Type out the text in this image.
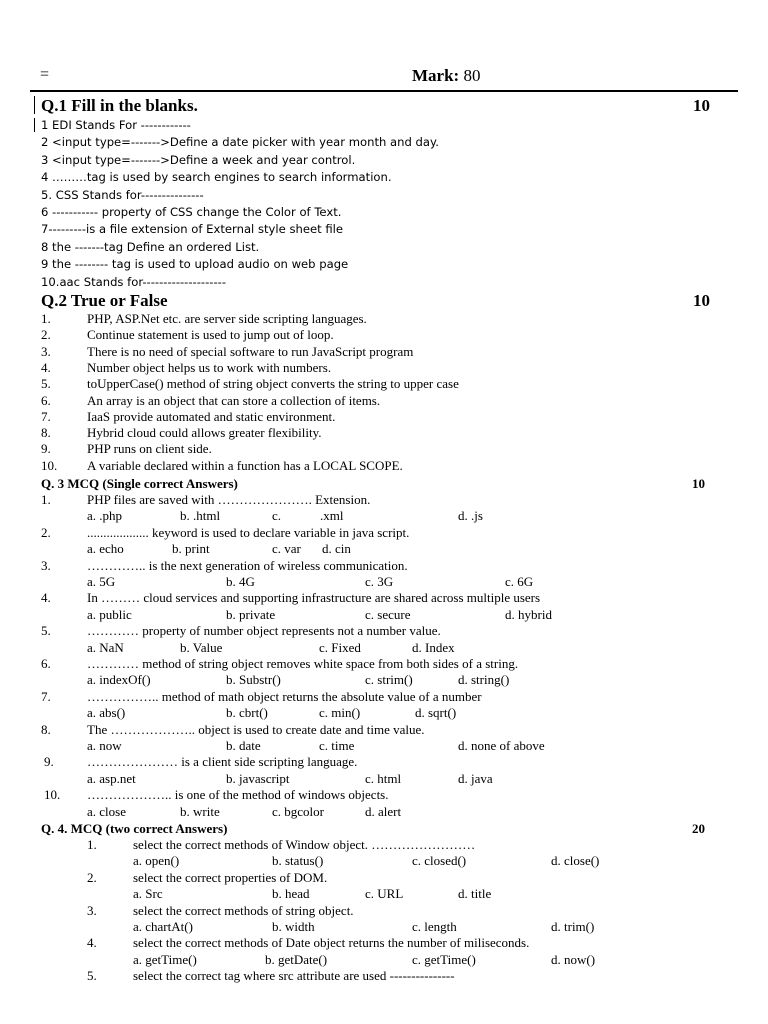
=	Mark: 80
Q.1 Fill in the blanks.	10
1 EDI Stands For ------------
2 <input type=------->Define a date picker with year month and day.
3 <input type=------->Define a week and year control.
4 ………tag is used by search engines to search information.
5. CSS Stands for---------------
6 ----------- property of CSS change the Color of Text.
7---------is a file extension of External style sheet file
8 the -------tag Define an ordered List.
9 the -------- tag is used to upload audio on web page
10.aac Stands for--------------------
Q.2 True or False	10
1.	PHP, ASP.Net etc. are server side scripting languages.
2.	Continue statement is used to jump out of loop.
3.	There is no need of special software to run JavaScript program
4.	Number object helps us to work with numbers.
5.	toUpperCase() method of string object converts the string to upper case
6.	An array is an object that can store a collection of items.
7.	IaaS provide automated and static environment.
8.	Hybrid cloud could allows greater flexibility.
9.	PHP runs on client side.
10. A variable declared within a function has a LOCAL SCOPE.
Q. 3 MCQ (Single correct Answers)	10
1.	PHP files are saved with …………………. Extension.
a. .php	b. .html	c.	.xml	d. .js
2.	................... keyword is used to declare variable in java script.
a. echo	b. print	c. var d. cin
3.	………….. is the next generation of wireless communication.
a. 5G	b. 4G	c. 3G	c. 6G
4.	In ……… cloud services and supporting infrastructure are shared across multiple users
a. public	b. private	c. secure	d. hybrid
5.	………… property of number object represents not a number value.
a. NaN	b. Value	c. Fixed	d. Index
6.	………… method of string object removes white space from both sides of a string.
a. indexOf()	b. Substr()	c. strim()	d. string()
7.	…………….. method of math object returns the absolute value of a number
a. abs()	b. cbrt()	c. min()	d. sqrt()
8.	The ……………….. object is used to create date and time value.
a. now	b. date	c. time	d. none of above
9.	………………… is a client side scripting language.
a. asp.net	b. javascript	c. html	d. java
10. ……………….. is one of the method of windows objects.
a. close	b. write	c. bgcolor	d. alert
Q. 4. MCQ (two correct Answers)	20
1.	select the correct methods of Window object. ……………………
a. open()	b. status()	c. closed()	d. close()
2.	select the correct properties of DOM.
a. Src	b. head	c. URL	d. title
3.	select the correct methods of string object.
a. chartAt()	b. width	c. length	d. trim()
4.	select the correct methods of Date object returns the number of miliseconds.
a. getTime()	b. getDate()	c. getTime()	d. now()
5.	select the correct tag where src attribute are used ---------------
